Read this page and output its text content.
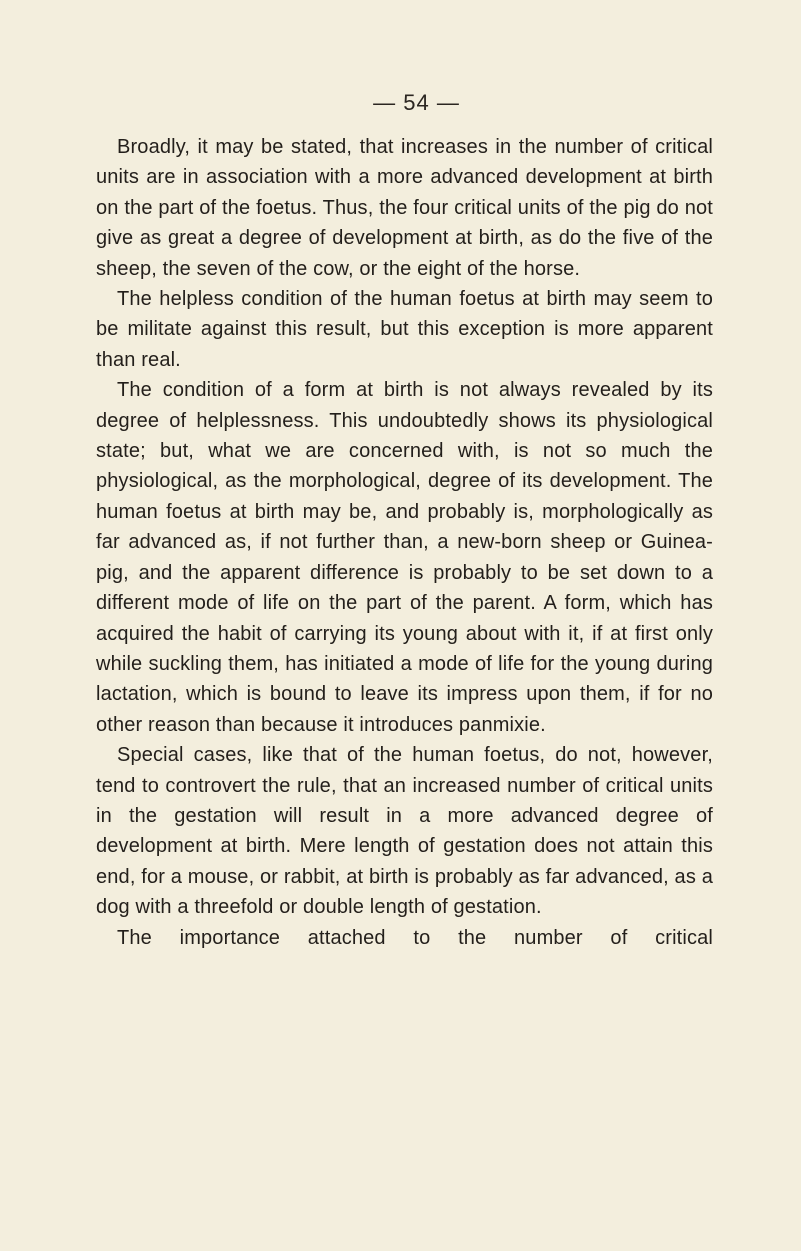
— 54 —

Broadly, it may be stated, that increases in the number of critical units are in association with a more advanced development at birth on the part of the foetus. Thus, the four critical units of the pig do not give as great a degree of development at birth, as do the five of the sheep, the seven of the cow, or the eight of the horse.

The helpless condition of the human foetus at birth may seem to be militate against this result, but this exception is more apparent than real.

The condition of a form at birth is not always revealed by its degree of helplessness. This undoubtedly shows its physiological state; but, what we are concerned with, is not so much the physiological, as the morphological, degree of its development. The human foetus at birth may be, and probably is, morphologically as far advanced as, if not further than, a new-born sheep or Guinea-pig, and the apparent difference is probably to be set down to a different mode of life on the part of the parent. A form, which has acquired the habit of carrying its young about with it, if at first only while suckling them, has initiated a mode of life for the young during lactation, which is bound to leave its impress upon them, if for no other reason than because it introduces panmixie.

Special cases, like that of the human foetus, do not, however, tend to controvert the rule, that an increased number of critical units in the gestation will result in a more advanced degree of development at birth. Mere length of gestation does not attain this end, for a mouse, or rabbit, at birth is probably as far advanced, as a dog with a threefold or double length of gestation.

The importance attached to the number of critical
